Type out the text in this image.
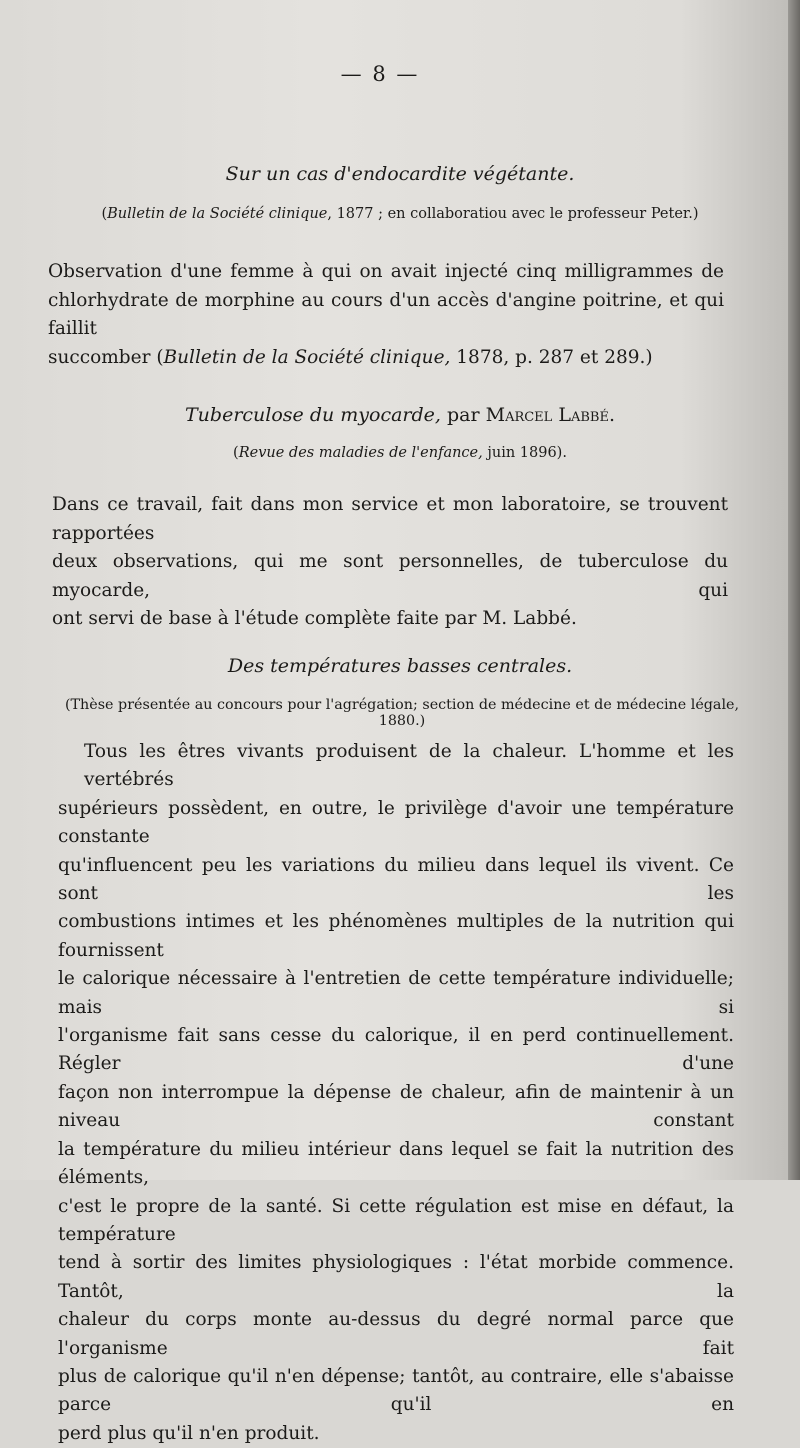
— 8 —

Sur un cas d'endocardite végétante.

(Bulletin de la Société clinique, 1877 ; en collaboratiou avec le professeur Peter.)

Observation d'une femme à qui on avait injecté cinq milligrammes de
chlorhydrate de morphine au cours d'un accès d'angine poitrine, et qui faillit
succomber (Bulletin de la Société clinique, 1878, p. 287 et 289.)

Tuberculose du myocarde, par Marcel Labbé.

(Revue des maladies de l'enfance, juin 1896).

Dans ce travail, fait dans mon service et mon laboratoire, se trouvent rapportées
deux observations, qui me sont personnelles, de tuberculose du myocarde, qui
ont servi de base à l'étude complète faite par M. Labbé.

Des températures basses centrales.

(Thèse présentée au concours pour l'agrégation; section de médecine et de médecine légale, 1880.)

Tous les êtres vivants produisent de la chaleur. L'homme et les vertébrés
supérieurs possèdent, en outre, le privilège d'avoir une température constante
qu'influencent peu les variations du milieu dans lequel ils vivent. Ce sont les
combustions intimes et les phénomènes multiples de la nutrition qui fournissent
le calorique nécessaire à l'entretien de cette température individuelle; mais si
l'organisme fait sans cesse du calorique, il en perd continuellement. Régler d'une
façon non interrompue la dépense de chaleur, afin de maintenir à un niveau constant
la température du milieu intérieur dans lequel se fait la nutrition des éléments,
c'est le propre de la santé. Si cette régulation est mise en défaut, la température
tend à sortir des limites physiologiques : l'état morbide commence. Tantôt, la
chaleur du corps monte au-dessus du degré normal parce que l'organisme fait
plus de calorique qu'il n'en dépense; tantôt, au contraire, elle s'abaisse parce qu'il en
perd plus qu'il n'en produit.
